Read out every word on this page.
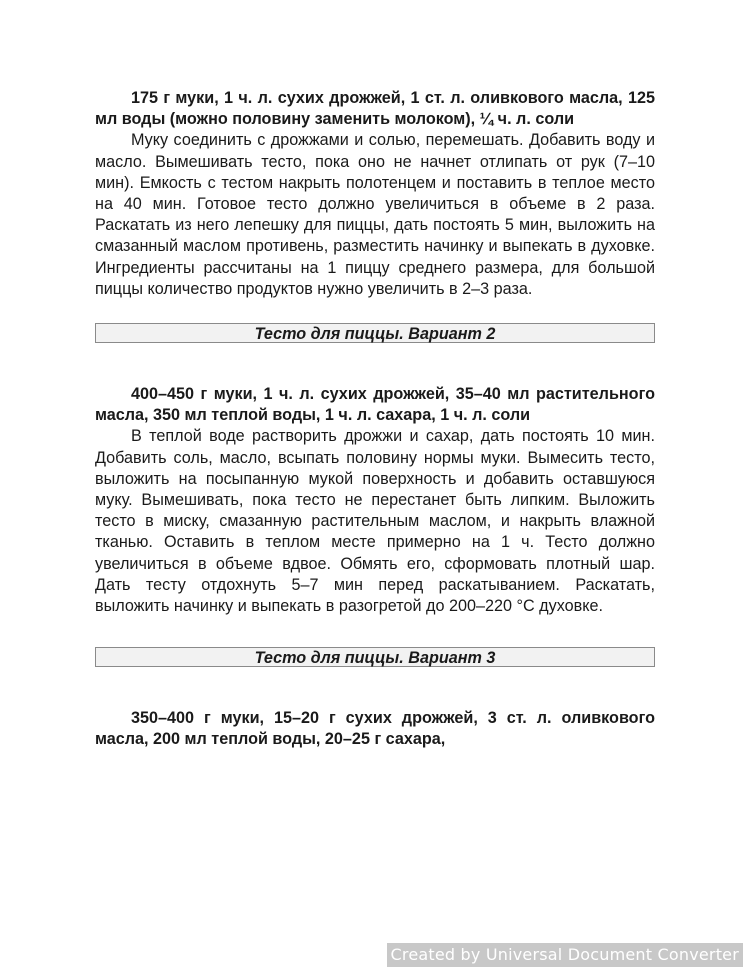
175 г муки, 1 ч. л. сухих дрожжей, 1 ст. л. оливкового масла, 125 мл воды (можно половину заменить молоком), ¼ ч. л. соли

Муку соединить с дрожжами и солью, перемешать. Добавить воду и масло. Вымешивать тесто, пока оно не начнет отлипать от рук (7–10 мин). Емкость с тестом накрыть полотенцем и поставить в теплое место на 40 мин. Готовое тесто должно увеличиться в объеме в 2 раза. Раскатать из него лепешку для пиццы, дать постоять 5 мин, выложить на смазанный маслом противень, разместить начинку и выпекать в духовке. Ингредиенты рассчитаны на 1 пиццу среднего размера, для большой пиццы количество продуктов нужно увеличить в 2–3 раза.

Тесто для пиццы. Вариант 2

400–450 г муки, 1 ч. л. сухих дрожжей, 35–40 мл растительного масла, 350 мл теплой воды, 1 ч. л. сахара, 1 ч. л. соли

В теплой воде растворить дрожжи и сахар, дать постоять 10 мин. Добавить соль, масло, всыпать половину нормы муки. Вымесить тесто, выложить на посыпанную мукой поверхность и добавить оставшуюся муку. Вымешивать, пока тесто не перестанет быть липким. Выложить тесто в миску, смазанную растительным маслом, и накрыть влажной тканью. Оставить в теплом месте примерно на 1 ч. Тесто должно увеличиться в объеме вдвое. Обмять его, сформовать плотный шар. Дать тесту отдохнуть 5–7 мин перед раскатыванием. Раскатать, выложить начинку и выпекать в разогретой до 200–220 °С духовке.

Тесто для пиццы. Вариант 3

350–400 г муки, 15–20 г сухих дрожжей, 3 ст. л. оливкового масла, 200 мл теплой воды, 20–25 г сахара,

Created by Universal Document Converter
